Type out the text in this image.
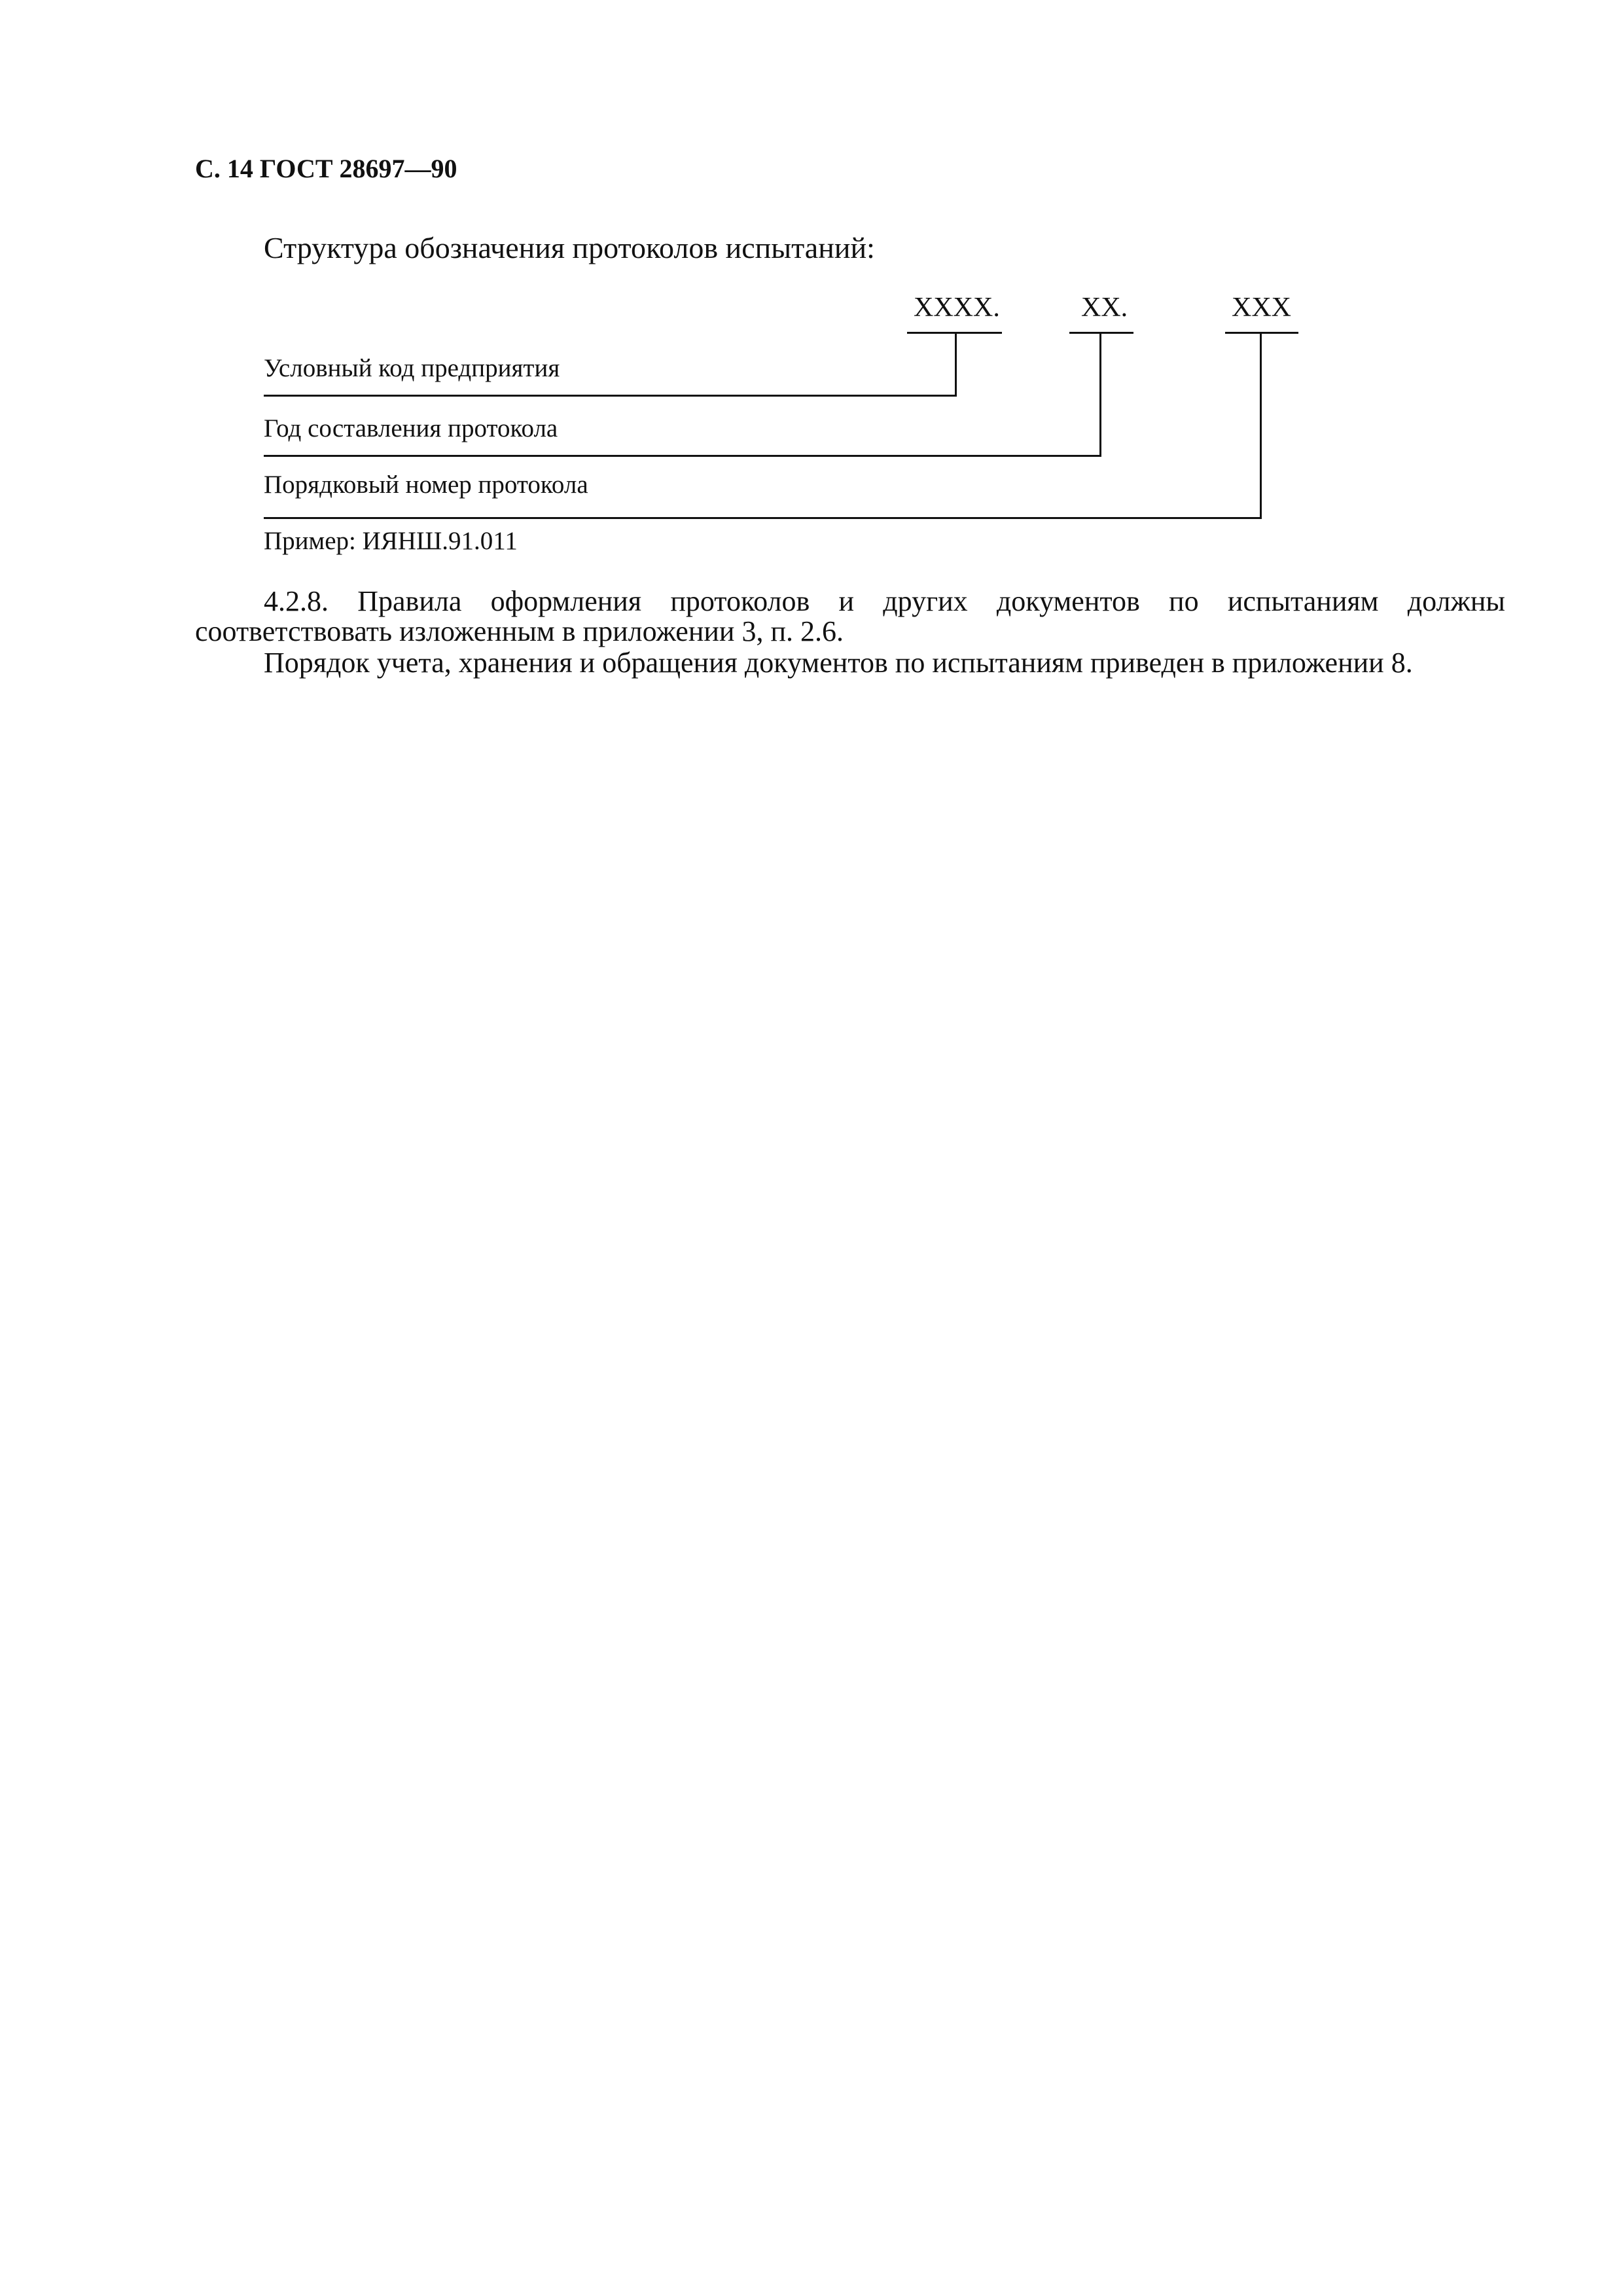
С. 14 ГОСТ 28697—90
Структура обозначения протоколов испытаний:
XXXX.	XX.	XXX
Условный код предприятия
Год составления протокола
Порядковый номер протокола
Пример: ИЯНШ.91.011

4.2.8. Правила оформления протоколов и других документов по испытаниям должны соответствовать изложенным в приложении 3, п. 2.6.

Порядок учета, хранения и обращения документов по испытаниям приведен в приложении 8.
